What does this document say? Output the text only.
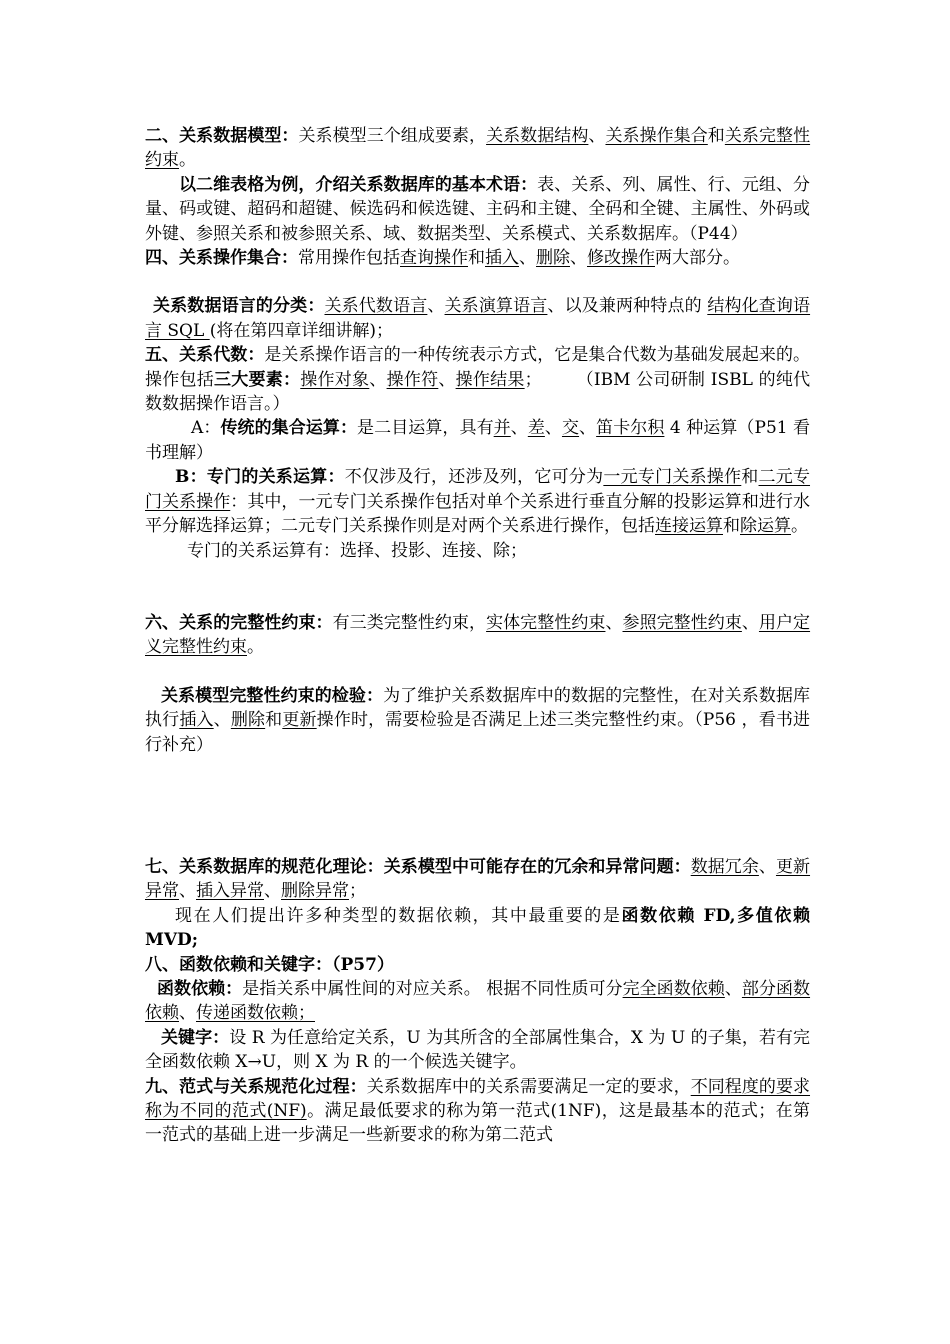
二、关系数据模型：关系模型三个组成要素，关系数据结构、关系操作集合和关系完整性约束。

以二维表格为例，介绍关系数据库的基本术语：表、关系、列、属性、行、元组、分量、码或键、超码和超键、候选码和候选键、主码和主键、全码和全键、主属性、外码或外键、参照关系和被参照关系、域、数据类型、关系模式、关系数据库。（P44）

四、关系操作集合：常用操作包括查询操作和插入、删除、修改操作两大部分。

关系数据语言的分类：关系代数语言、关系演算语言、以及兼两种特点的 结构化查询语言 SQL (将在第四章详细讲解)；

五、关系代数：是关系操作语言的一种传统表示方式，它是集合代数为基础发展起来的。操作包括三大要素：操作对象、操作符、操作结果；　　　（IBM 公司研制 ISBL 的纯代数数据操作语言。）

A：传统的集合运算：是二目运算，具有并、差、交、笛卡尔积 4 种运算（P51 看书理解）

B：专门的关系运算：不仅涉及行，还涉及列，它可分为一元专门关系操作和二元专门关系操作：其中，一元专门关系操作包括对单个关系进行垂直分解的投影运算和进行水平分解选择运算；二元专门关系操作则是对两个关系进行操作，包括连接运算和除运算。

专门的关系运算有：选择、投影、连接、除；

六、关系的完整性约束：有三类完整性约束，实体完整性约束、参照完整性约束、用户定义完整性约束。

关系模型完整性约束的检验：为了维护关系数据库中的数据的完整性，在对关系数据库执行插入、删除和更新操作时，需要检验是否满足上述三类完整性约束。（P56 ，看书进行补充）

七、关系数据库的规范化理论：关系模型中可能存在的冗余和异常问题：数据冗余、更新异常、插入异常、删除异常；

现在人们提出许多种类型的数据依赖，其中最重要的是函数依赖 FD,多值依赖 MVD;

八、函数依赖和关键字：（P57）

函数依赖：是指关系中属性间的对应关系。 根据不同性质可分完全函数依赖、部分函数依赖、传递函数依赖；

关键字：设 R 为任意给定关系，U 为其所含的全部属性集合，X 为 U 的子集，若有完全函数依赖 X→U，则 X 为 R 的一个候选关键字。

九、范式与关系规范化过程：关系数据库中的关系需要满足一定的要求，不同程度的要求称为不同的范式(NF)。满足最低要求的称为第一范式(1NF)，这是最基本的范式；在第一范式的基础上进一步满足一些新要求的称为第二范式
